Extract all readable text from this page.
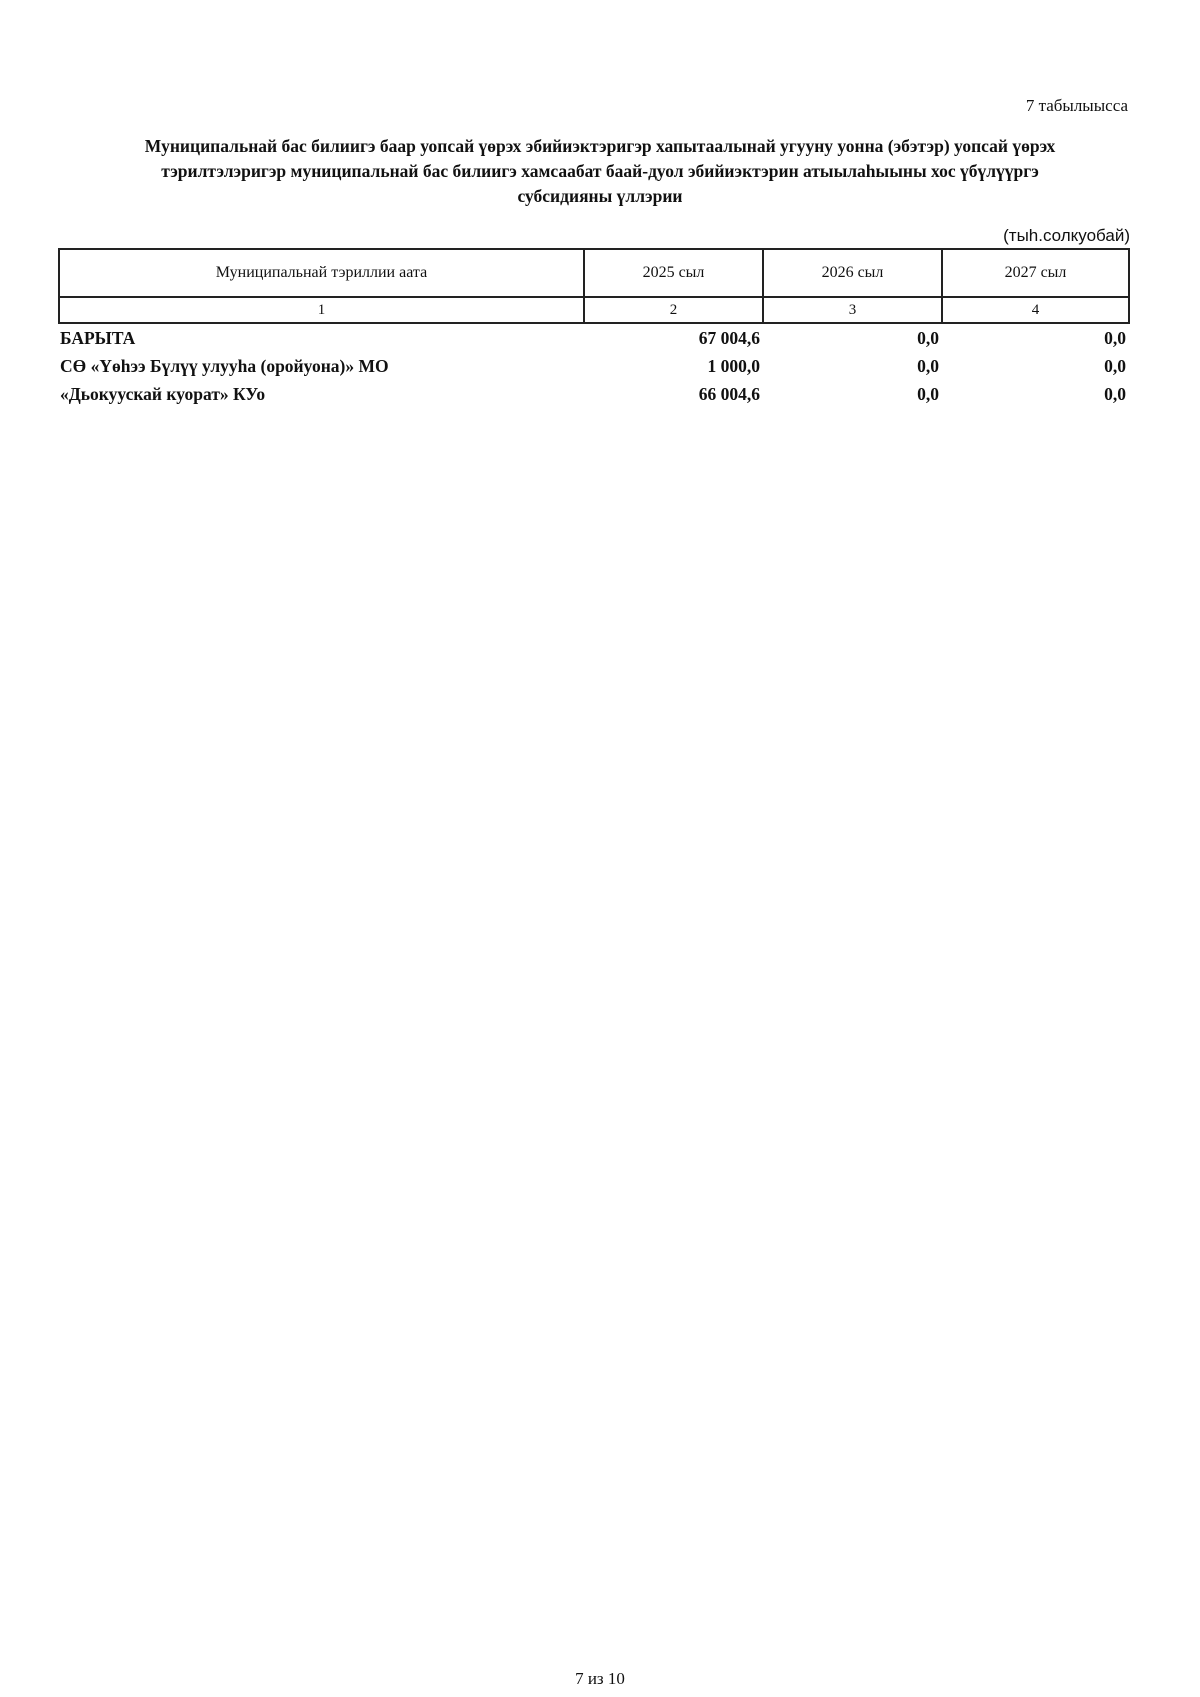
7 табылыысса
Муниципальнай бас билиигэ баар уопсай үөрэх эбийиэктэригэр хапытаалынай угууну уонна (эбэтэр) уопсай үөрэх
тэрилтэлэригэр муниципальнай бас билиигэ хамсаабат баай-дуол эбийиэктэрин атыылаһыыны хос үбүлүүргэ
субсидияны үллэрии
(тыһ.солкуобай)
Муниципальнай тэриллии аата	2025 сыл	2026 сыл	2027 сыл
1	2	3	4
БАРЫТА	67 004,6	0,0	0,0
СӨ «Үөһээ Бүлүү улууһа (оройуона)» МО	1 000,0	0,0	0,0
«Дьокуускай куорат» КУо	66 004,6	0,0	0,0
7 из 10
